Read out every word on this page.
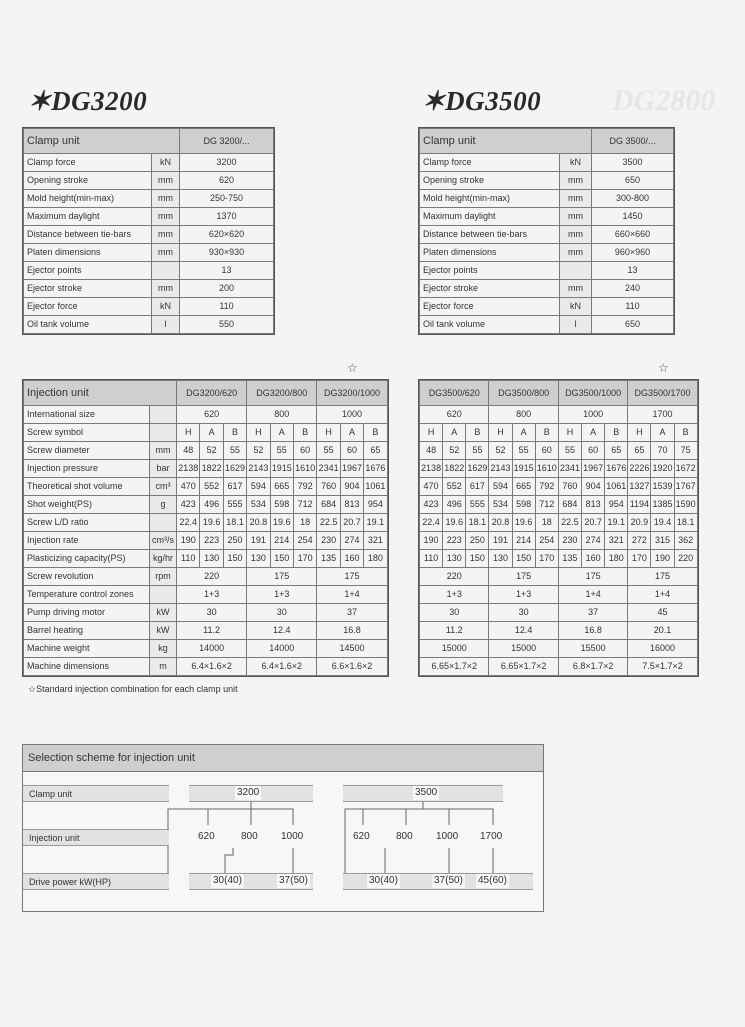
DG2800
✶DG3200	✶DG3500
Clamp unit		DG 3200/...
Clamp force	kN	3200
Opening stroke	mm	620
Mold height(min-max)	mm	250-750
Maximum daylight	mm	1370
Distance between tie-bars	mm	620×620
Platen dimensions	mm	930×930
Ejector points		13
Ejector stroke	mm	200
Ejector force	kN	110
Oil tank volume	l	550
Clamp unit		DG 3500/...
Clamp force	kN	3500
Opening stroke	mm	650
Mold height(min-max)	mm	300-800
Maximum daylight	mm	1450
Distance between tie-bars	mm	660×660
Platen dimensions	mm	960×960
Ejector points		13
Ejector stroke	mm	240
Ejector force	kN	110
Oil tank volume	l	650
☆	☆
Injection unit		DG3200/620			DG3200/800			DG3200/1000		
International size		620			800			1000		
Screw symbol		H	A	B	H	A	B	H	A	B
Screw diameter	mm	48	52	55	52	55	60	55	60	65
Injection pressure	bar	2138	1822	1629	2143	1915	1610	2341	1967	1676
Theoretical shot volume	cm³	470	552	617	594	665	792	760	904	1061
Shot weight(PS)	g	423	496	555	534	598	712	684	813	954
Screw L/D ratio		22.4	19.6	18.1	20.8	19.6	18	22.5	20.7	19.1
Injection rate	cm³/s	190	223	250	191	214	254	230	274	321
Plasticizing capacity(PS)	kg/hr	110	130	150	130	150	170	135	160	180
Screw revolution	rpm	220			175			175		
Temperature control zones		1+3			1+3			1+4		
Pump driving motor	kW	30			30			37		
Barrel heating	kW	11.2			12.4			16.8		
Machine weight	kg	14000			14000			14500		
Machine dimensions	m	6.4×1.6×2			6.4×1.6×2			6.6×1.6×2		
DG3500/620			DG3500/800			DG3500/1000			DG3500/1700		
620			800			1000			1700		
H	A	B	H	A	B	H	A	B	H	A	B
48	52	55	52	55	60	55	60	65	65	70	75
2138	1822	1629	2143	1915	1610	2341	1967	1676	2226	1920	1672
470	552	617	594	665	792	760	904	1061	1327	1539	1767
423	496	555	534	598	712	684	813	954	1194	1385	1590
22.4	19.6	18.1	20.8	19.6	18	22.5	20.7	19.1	20.9	19.4	18.1
190	223	250	191	214	254	230	274	321	272	315	362
110	130	150	130	150	170	135	160	180	170	190	220
220			175			175			175		
1+3			1+3			1+4			1+4		
30			30			37			45		
11.2			12.4			16.8			20.1		
15000			15000			15500			16000		
6.65×1.7×2			6.65×1.7×2			6.8×1.7×2			7.5×1.7×2		
☆Standard injection combination for each clamp unit
Selection scheme for injection unit
Clamp unit
Injection unit
Drive power kW(HP)
3200	3500
620	800 1000	620	800 1000 1700
30(40)	37(50)	30(40)	37(50) 45(60)
